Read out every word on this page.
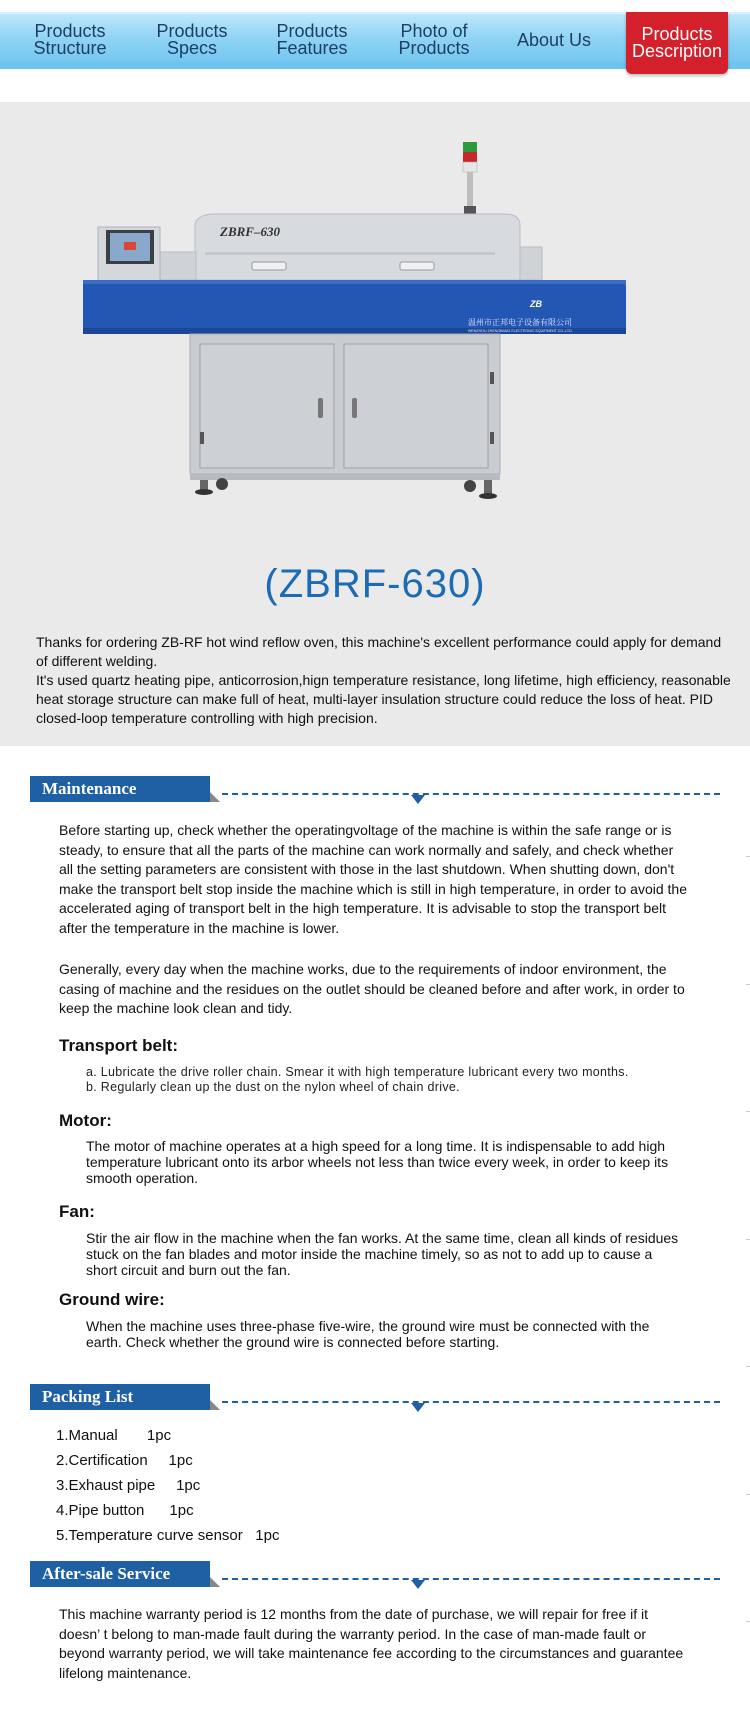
Products
Structure
Products
Specs
Products
Features
Photo of
Products	About Us	Products
Description
ZBRF–630
ZB
温州市正邦电子设备有限公司
WENZHOU ZHENGBANG ELECTRONIC EQUIPMENT CO.,LTD.
(ZBRF-630)

Thanks for ordering ZB-RF hot wind reflow oven, this machine's excellent performance could apply for demand of different welding.

It's used quartz heating pipe, anticorrosion,hign temperature resistance, long lifetime, high efficiency, reasonable heat storage structure can make full of heat, multi-layer insulation structure could reduce the loss of heat. PID closed-loop temperature controlling with high precision.

Maintenance

Before starting up, check whether the operatingvoltage of the machine is within the safe range or is steady, to ensure that all the parts of the machine can work normally and safely, and check whether all the setting parameters are consistent with those in the last shutdown. When shutting down, don't make the transport belt stop inside the machine which is still in high temperature, in order to avoid the accelerated aging of transport belt in the high temperature. It is advisable to stop the transport belt after the temperature in the machine is lower.

Generally, every day when the machine works, due to the requirements of indoor environment, the casing of machine and the residues on the outlet should be cleaned before and after work, in order to keep the machine look clean and tidy.

Transport belt:

a. Lubricate the drive roller chain. Smear it with high temperature lubricant every two months.
b. Regularly clean up the dust on the nylon wheel of chain drive.

Motor:

The motor of machine operates at a high speed for a long time. It is indispensable to add high temperature lubricant onto its arbor wheels not less than twice every week, in order to keep its smooth operation.

Fan:

Stir the air flow in the machine when the fan works. At the same time, clean all kinds of residues stuck on the fan blades and motor inside the machine timely, so as not to add up to cause a short circuit and burn out the fan.

Ground wire:

When the machine uses three-phase five-wire, the ground wire must be connected with the earth. Check whether the ground wire is connected before starting.

Packing List
1.Manual       1pc
2.Certification     1pc
3.Exhaust pipe     1pc
4.Pipe button      1pc
5.Temperature curve sensor   1pc
After-sale Service

This machine warranty period is 12 months from the date of purchase, we will repair for free if it doesn’ t belong to man-made fault during the warranty period. In the case of man-made fault or beyond warranty period, we will take maintenance fee according to the circumstances and guarantee lifelong maintenance.
